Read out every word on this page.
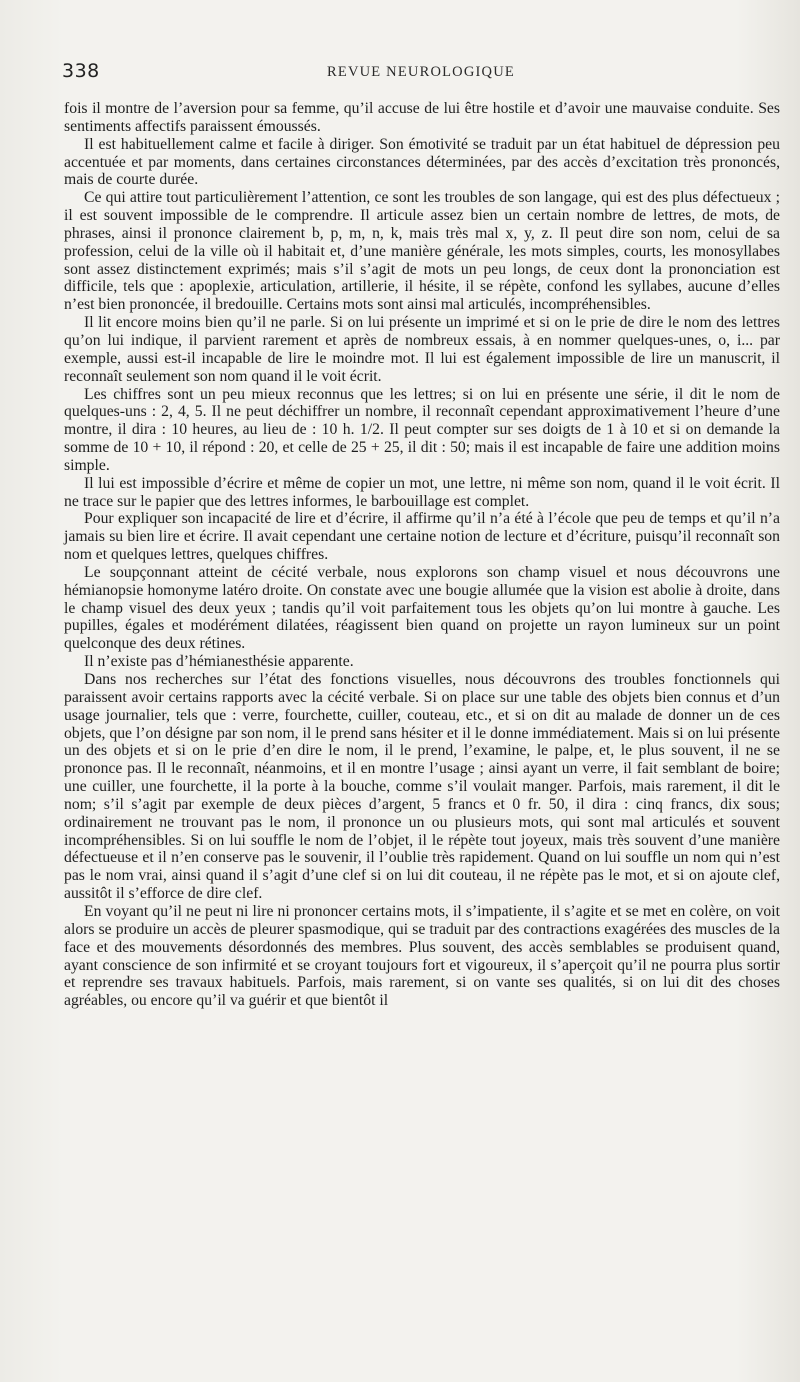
338	REVUE NEUROLOGIQUE

fois il montre de l’aversion pour sa femme, qu’il accuse de lui être hostile et d’avoir une mauvaise conduite. Ses sentiments affectifs paraissent émoussés.

Il est habituellement calme et facile à diriger. Son émotivité se traduit par un état habituel de dépression peu accentuée et par moments, dans certaines circonstances déterminées, par des accès d’excitation très prononcés, mais de courte durée.

Ce qui attire tout particulièrement l’attention, ce sont les troubles de son langage, qui est des plus défectueux ; il est souvent impossible de le comprendre. Il articule assez bien un certain nombre de lettres, de mots, de phrases, ainsi il prononce clairement b, p, m, n, k, mais très mal x, y, z. Il peut dire son nom, celui de sa profession, celui de la ville où il habitait et, d’une manière générale, les mots simples, courts, les monosyllabes sont assez distinctement exprimés; mais s’il s’agit de mots un peu longs, de ceux dont la prononciation est difficile, tels que : apoplexie, articulation, artillerie, il hésite, il se répète, confond les syllabes, aucune d’elles n’est bien prononcée, il bredouille. Certains mots sont ainsi mal articulés, incompréhensibles.

Il lit encore moins bien qu’il ne parle. Si on lui présente un imprimé et si on le prie de dire le nom des lettres qu’on lui indique, il parvient rarement et après de nombreux essais, à en nommer quelques-unes, o, i... par exemple, aussi est-il incapable de lire le moindre mot. Il lui est également impossible de lire un manuscrit, il reconnaît seulement son nom quand il le voit écrit.

Les chiffres sont un peu mieux reconnus que les lettres; si on lui en présente une série, il dit le nom de quelques-uns : 2, 4, 5. Il ne peut déchiffrer un nombre, il reconnaît cependant approximativement l’heure d’une montre, il dira : 10 heures, au lieu de : 10 h. 1/2. Il peut compter sur ses doigts de 1 à 10 et si on demande la somme de 10 + 10, il répond : 20, et celle de 25 + 25, il dit : 50; mais il est incapable de faire une addition moins simple.

Il lui est impossible d’écrire et même de copier un mot, une lettre, ni même son nom, quand il le voit écrit. Il ne trace sur le papier que des lettres informes, le barbouillage est complet.

Pour expliquer son incapacité de lire et d’écrire, il affirme qu’il n’a été à l’école que peu de temps et qu’il n’a jamais su bien lire et écrire. Il avait cependant une certaine notion de lecture et d’écriture, puisqu’il reconnaît son nom et quelques lettres, quelques chiffres.

Le soupçonnant atteint de cécité verbale, nous explorons son champ visuel et nous découvrons une hémianopsie homonyme latéro droite. On constate avec une bougie allumée que la vision est abolie à droite, dans le champ visuel des deux yeux ; tandis qu’il voit parfaitement tous les objets qu’on lui montre à gauche. Les pupilles, égales et modérément dilatées, réagissent bien quand on projette un rayon lumineux sur un point quelconque des deux rétines.

Il n’existe pas d’hémianesthésie apparente.

Dans nos recherches sur l’état des fonctions visuelles, nous découvrons des troubles fonctionnels qui paraissent avoir certains rapports avec la cécité verbale. Si on place sur une table des objets bien connus et d’un usage journalier, tels que : verre, fourchette, cuiller, couteau, etc., et si on dit au malade de donner un de ces objets, que l’on désigne par son nom, il le prend sans hésiter et il le donne immédiatement. Mais si on lui présente un des objets et si on le prie d’en dire le nom, il le prend, l’examine, le palpe, et, le plus souvent, il ne se prononce pas. Il le reconnaît, néanmoins, et il en montre l’usage ; ainsi ayant un verre, il fait semblant de boire; une cuiller, une fourchette, il la porte à la bouche, comme s’il voulait manger. Parfois, mais rarement, il dit le nom; s’il s’agit par exemple de deux pièces d’argent, 5 francs et 0 fr. 50, il dira : cinq francs, dix sous; ordinairement ne trouvant pas le nom, il prononce un ou plusieurs mots, qui sont mal articulés et souvent incompréhensibles. Si on lui souffle le nom de l’objet, il le répète tout joyeux, mais très souvent d’une manière défectueuse et il n’en conserve pas le souvenir, il l’oublie très rapidement. Quand on lui souffle un nom qui n’est pas le nom vrai, ainsi quand il s’agit d’une clef si on lui dit couteau, il ne répète pas le mot, et si on ajoute clef, aussitôt il s’efforce de dire clef.

En voyant qu’il ne peut ni lire ni prononcer certains mots, il s’impatiente, il s’agite et se met en colère, on voit alors se produire un accès de pleurer spasmodique, qui se traduit par des contractions exagérées des muscles de la face et des mouvements désordonnés des membres. Plus souvent, des accès semblables se produisent quand, ayant conscience de son infirmité et se croyant toujours fort et vigoureux, il s’aperçoit qu’il ne pourra plus sortir et reprendre ses travaux habituels. Parfois, mais rarement, si on vante ses qualités, si on lui dit des choses agréables, ou encore qu’il va guérir et que bientôt il
